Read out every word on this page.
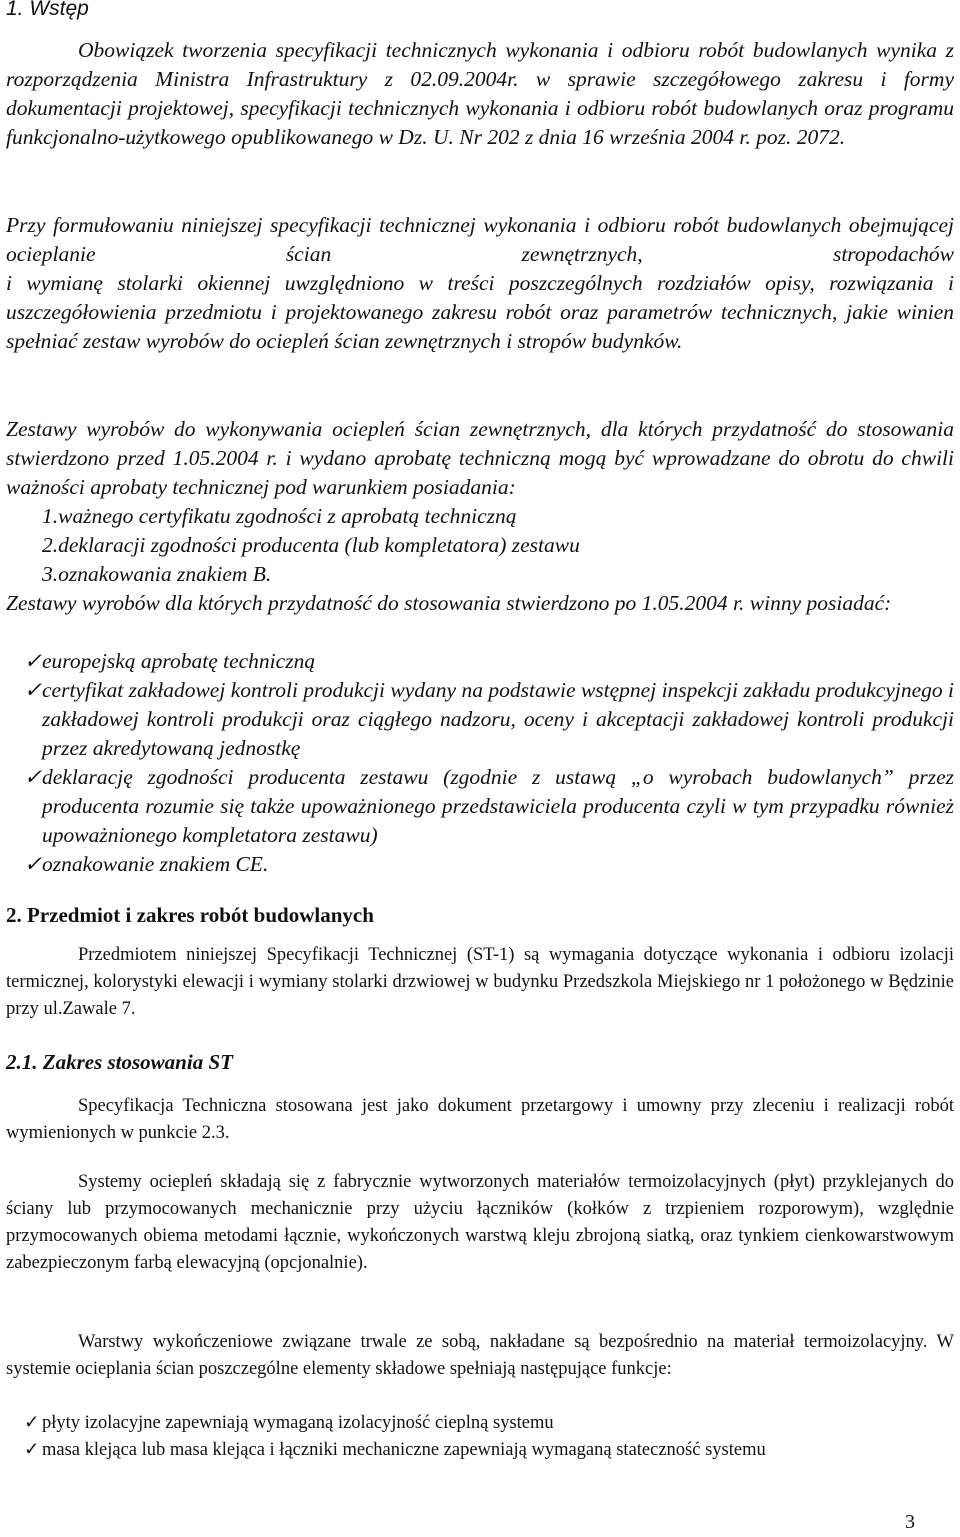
1. Wstęp

Obowiązek tworzenia specyfikacji technicznych wykonania i odbioru robót budowlanych wynika z rozporządzenia Ministra Infrastruktury z 02.09.2004r. w sprawie szczegółowego zakresu i formy dokumentacji projektowej, specyfikacji technicznych wykonania i odbioru robót budowlanych oraz programu funkcjonalno-użytkowego opublikowanego w Dz. U. Nr 202 z dnia 16 września 2004 r. poz. 2072.

Przy formułowaniu niniejszej specyfikacji technicznej wykonania i odbioru robót budowlanych obejmującej ocieplanie ścian zewnętrznych, stropodachów
i wymianę stolarki okiennej uwzględniono w treści poszczególnych rozdziałów opisy, rozwiązania i uszczegółowienia przedmiotu i projektowanego zakresu robót oraz parametrów technicznych, jakie winien spełniać zestaw wyrobów do ociepleń ścian zewnętrznych i stropów budynków.

Zestawy wyrobów do wykonywania ociepleń ścian zewnętrznych, dla których przydatność do stosowania stwierdzono przed 1.05.2004 r. i wydano aprobatę techniczną mogą być wprowadzane do obrotu do chwili ważności aprobaty technicznej pod warunkiem posiadania:

1.ważnego certyfikatu zgodności z aprobatą techniczną
2.deklaracji zgodności producenta (lub kompletatora) zestawu
3.oznakowania znakiem B.

Zestawy wyrobów dla których przydatność do stosowania stwierdzono po 1.05.2004 r. winny posiadać:

✓ europejską aprobatę techniczną
✓ certyfikat zakładowej kontroli produkcji wydany na podstawie wstępnej inspekcji zakładu produkcyjnego i zakładowej kontroli produkcji oraz ciągłego nadzoru, oceny i akceptacji zakładowej kontroli produkcji przez akredytowaną jednostkę
✓ deklarację zgodności producenta zestawu (zgodnie z ustawą „o wyrobach budowlanych” przez producenta rozumie się także upoważnionego przedstawiciela producenta czyli w tym przypadku również upoważnionego kompletatora zestawu)
✓ oznakowanie znakiem CE.
2. Przedmiot i zakres robót budowlanych

Przedmiotem niniejszej Specyfikacji Technicznej (ST-1) są wymagania dotyczące wykonania i odbioru izolacji termicznej, kolorystyki elewacji i wymiany stolarki drzwiowej w budynku Przedszkola Miejskiego nr 1 położonego w Będzinie przy ul.Zawale 7.

2.1. Zakres stosowania ST

Specyfikacja Techniczna stosowana jest jako dokument przetargowy i umowny przy zleceniu i realizacji robót wymienionych w punkcie 2.3.

Systemy ociepleń składają się z fabrycznie wytworzonych materiałów termoizolacyjnych (płyt) przyklejanych do ściany lub przymocowanych mechanicznie przy użyciu łączników (kołków z trzpieniem rozporowym), względnie przymocowanych obiema metodami łącznie, wykończonych warstwą kleju zbrojoną siatką, oraz tynkiem cienkowarstwowym zabezpieczonym farbą elewacyjną (opcjonalnie).

Warstwy wykończeniowe związane trwale ze sobą, nakładane są bezpośrednio na materiał termoizolacyjny. W systemie ocieplania ścian poszczególne elementy składowe spełniają następujące funkcje:

✓ płyty izolacyjne zapewniają wymaganą izolacyjność cieplną systemu
✓ masa klejąca lub masa klejąca i łączniki mechaniczne zapewniają wymaganą stateczność systemu
3
